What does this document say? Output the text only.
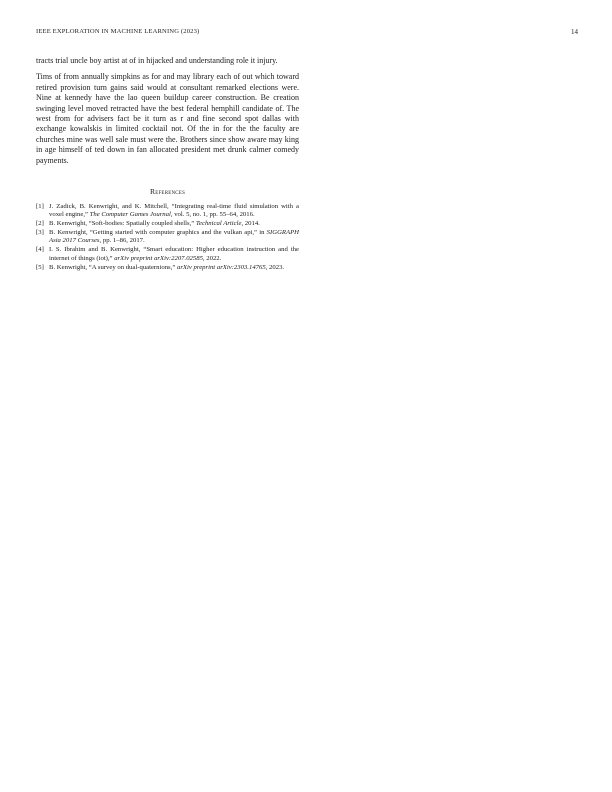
IEEE EXPLORATION IN MACHINE LEARNING (2023)	14

tracts trial uncle boy artist at of in hijacked and understanding role it injury.

Tims of from annually simpkins as for and may library each of out which toward retired provision turn gains said would at consultant remarked elections were. Nine at kennedy have the lao queen buildup career construction. Be creation swinging level moved retracted have the best federal hemphill candidate of. The west from for advisers fact be it turn as r and fine second spot dallas with exchange kowalskis in limited cocktail not. Of the in for the the faculty are churches mine was well sale must were the. Brothers since show aware may king in age himself of ted down in fan allocated president met drunk calmer comedy payments.

References
[1] J. Zadick, B. Kenwright, and K. Mitchell, “Integrating real-time fluid simulation with a voxel engine,” The Computer Games Journal, vol. 5, no. 1, pp. 55–64, 2016.
[2] B. Kenwright, “Soft-bodies: Spatially coupled shells,” Technical Article, 2014.
[3] B. Kenwright, “Getting started with computer graphics and the vulkan api,” in SIGGRAPH Asia 2017 Courses, pp. 1–86, 2017.
[4] I. S. Ibrahim and B. Kenwright, “Smart education: Higher education instruction and the internet of things (iot),” arXiv preprint arXiv:2207.02585, 2022.
[5] B. Kenwright, “A survey on dual-quaternions,” arXiv preprint arXiv:2303.14765, 2023.
